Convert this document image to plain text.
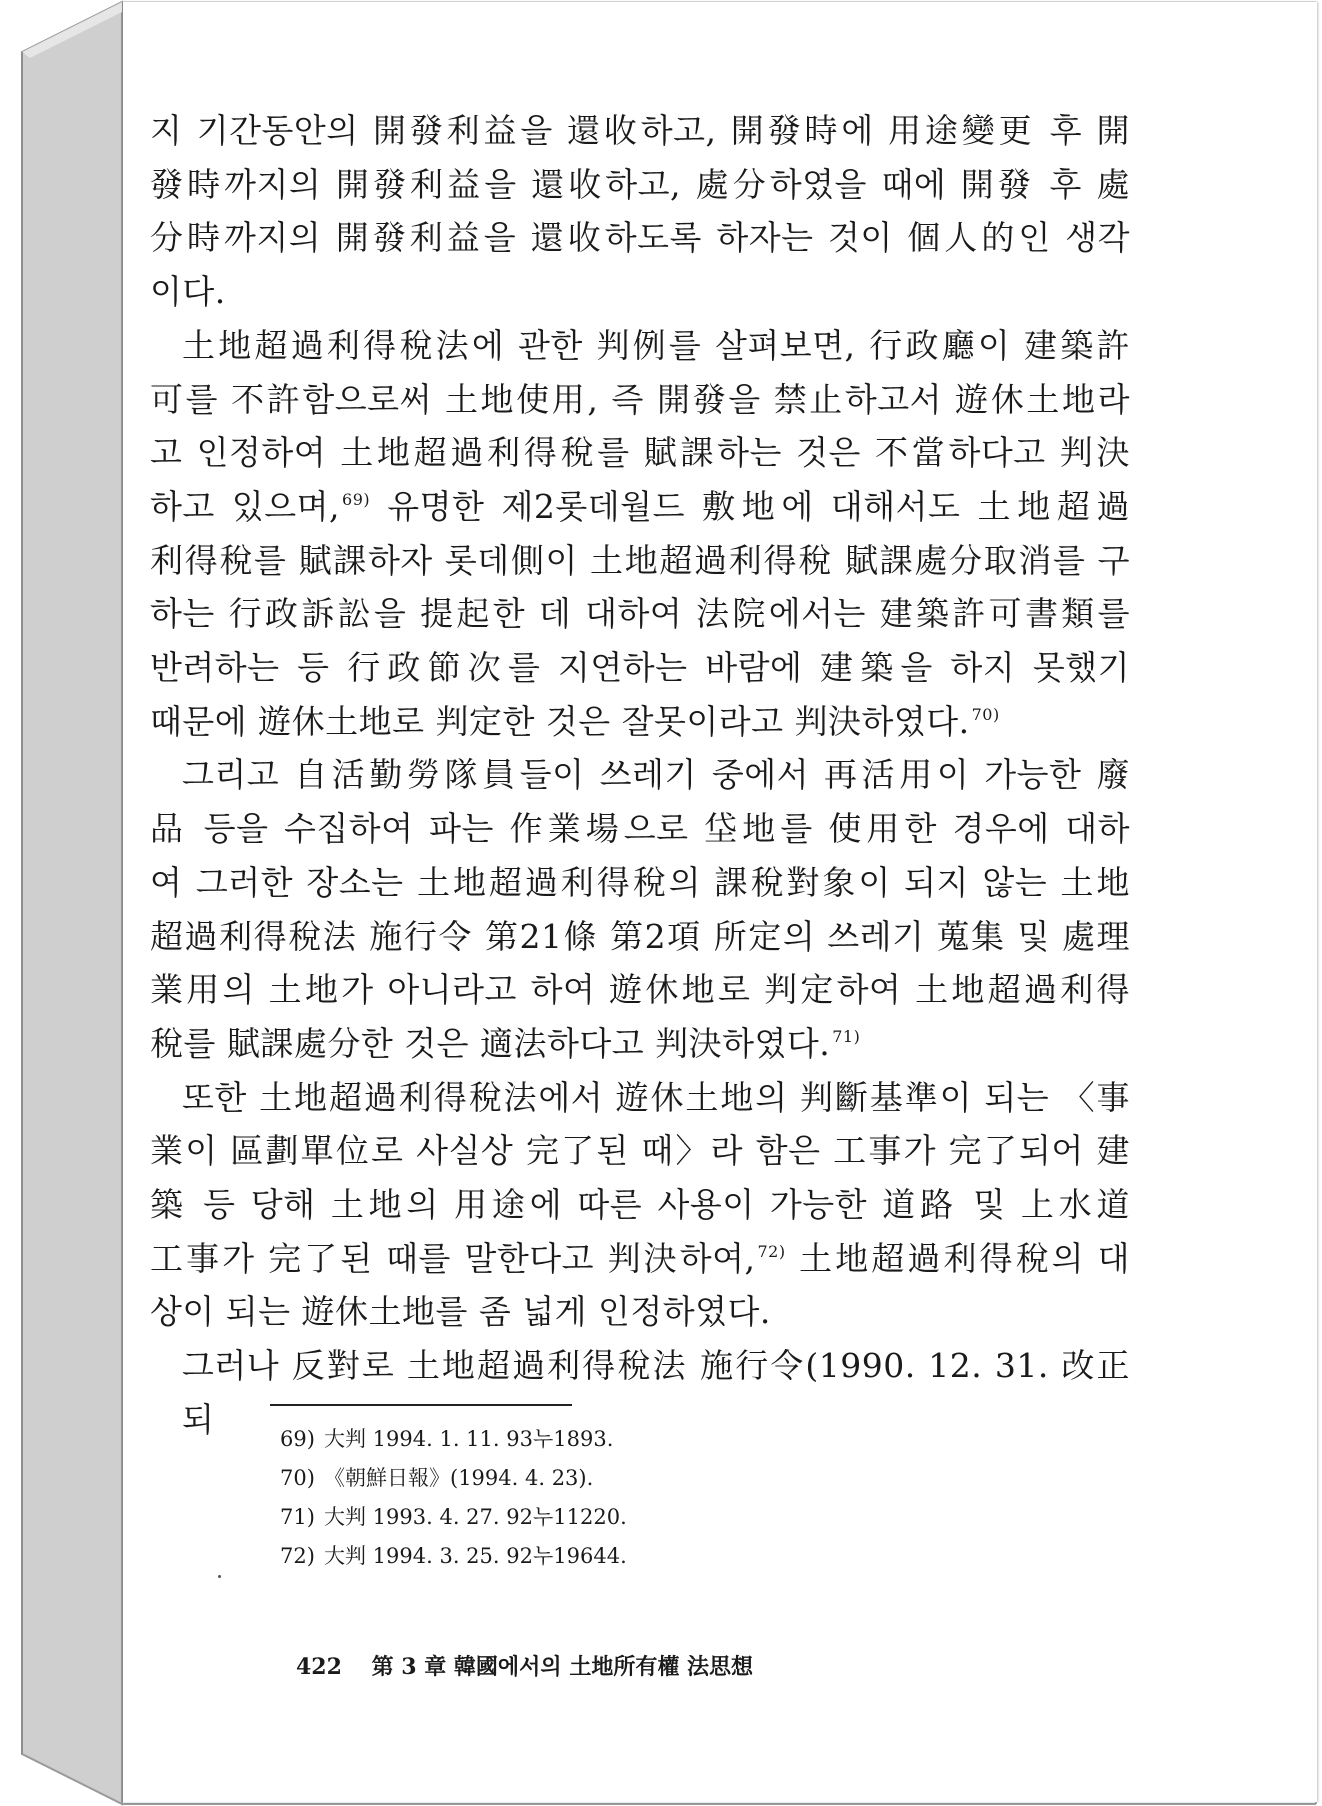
지 기간동안의 開發利益을 還收하고, 開發時에 用途變更 후 開
發時까지의 開發利益을 還收하고, 處分하였을 때에 開發 후 處
分時까지의 開發利益을 還收하도록 하자는 것이 個人的인 생각
이다.
土地超過利得稅法에 관한 判例를 살펴보면, 行政廳이 建築許
可를 不許함으로써 土地使用, 즉 開發을 禁止하고서 遊休土地라
고 인정하여 土地超過利得稅를 賦課하는 것은 不當하다고 判決
하고 있으며, $^{69)}$ 유명한 제2롯데월드 敷地에 대해서도 土地超過
利得稅를 賦課하자 롯데側이 土地超過利得稅 賦課處分取消를 구
하는 行政訴訟을 提起한 데 대하여 法院에서는 建築許可書類를
반려하는 등 行政節次를 지연하는 바람에 建築을 하지 못했기
때문에 遊休土地로 判定한 것은 잘못이라고 判決하였다. $^{70)}$
그리고 自活勤勞隊員들이 쓰레기 중에서 再活用이 가능한 廢
品 등을 수집하여 파는 作業場으로 垈地를 使用한 경우에 대하
여 그러한 장소는 土地超過利得稅의 課稅對象이 되지 않는 土地
超過利得稅法 施行令 第21條 第2項 所定의 쓰레기 蒐集 및 處理
業用의 土地가 아니라고 하여 遊休地로 判定하여 土地超過利得
稅를 賦課處分한 것은 適法하다고 判決하였다. $^{71)}$
또한 土地超過利得稅法에서 遊休土地의 判斷基準이 되는 〈事
業이 區劃單位로 사실상 完了된 때〉라 함은 工事가 完了되어 建
築 등 당해 土地의 用途에 따른 사용이 가능한 道路 및 上水道
工事가 完了된 때를 말한다고 判決하여, $^{72)}$ 土地超過利得稅의 대
상이 되는 遊休土地를 좀 넓게 인정하였다.
그러나 反對로 土地超過利得稅法 施行令(1990. 12. 31. 改正되
69) 大判 1994. 1. 11. 93누1893.
70) 《朝鮮日報》(1994. 4. 23).
71) 大判 1993. 4. 27. 92누11220.
72) 大判 1994. 3. 25. 92누19644.
422 第 3 章 韓國에서의 土地所有權 法思想
